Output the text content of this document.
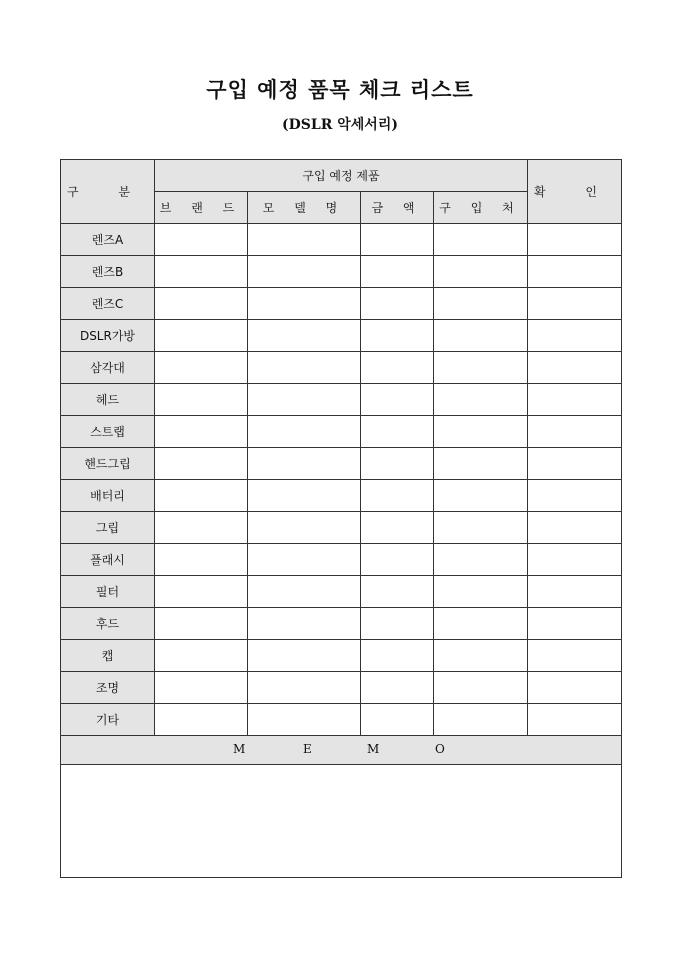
구입 예정 품목 체크 리스트

(DSLR 악세서리)

구 분	구입 예정 제품				확 인
	브 랜 드	모 델 명	금 액	구 입 처	
렌즈A					
렌즈B					
렌즈C					
DSLR가방					
삼각대					
헤드					
스트랩					
핸드그립					
배터리					
그립					
플래시					
필터					
후드					
캡					
조명					
기타					

M E M O					
